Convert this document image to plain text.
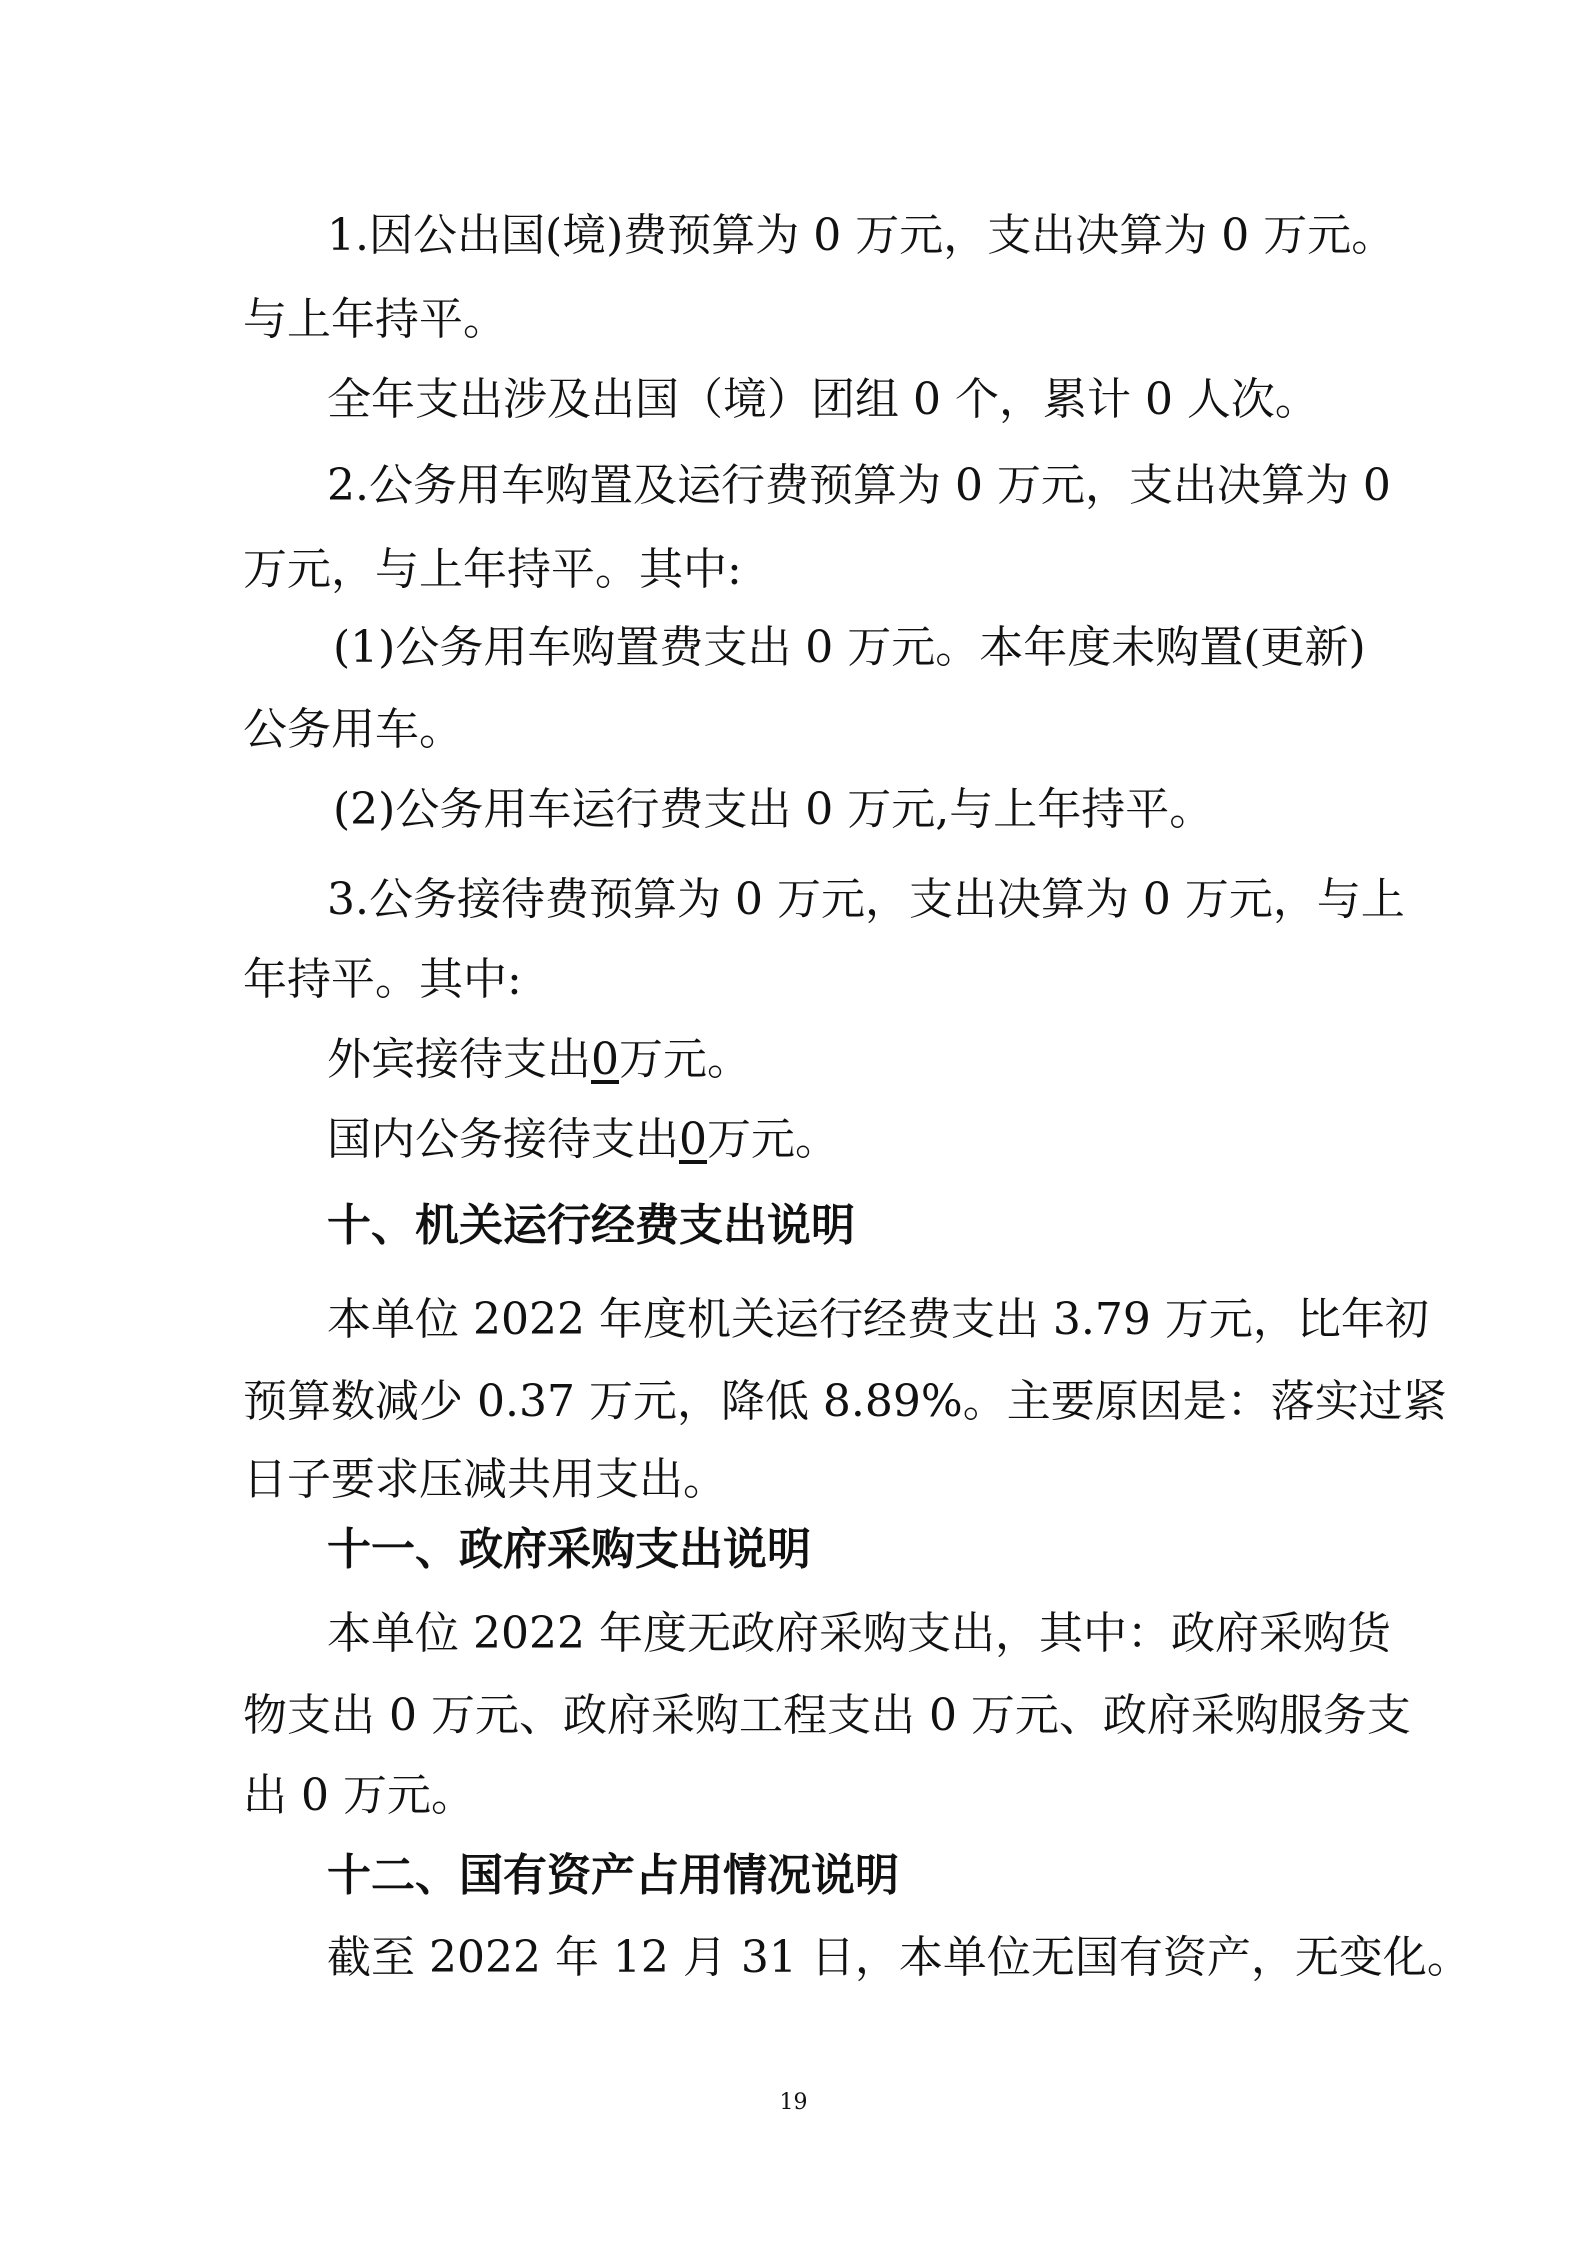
1.因公出国(境)费预算为 0 万元，支出决算为 0 万元。
与上年持平。
全年支出涉及出国（境）团组 0 个，累计 0 人次。
2.公务用车购置及运行费预算为 0 万元，支出决算为 0
万元，与上年持平。其中:
(1)公务用车购置费支出 0 万元。本年度未购置(更新)
公务用车。
(2)公务用车运行费支出 0 万元,与上年持平。
3.公务接待费预算为 0 万元，支出决算为 0 万元，与上
年持平。其中:
外宾接待支出0万元。
国内公务接待支出0万元。
十、机关运行经费支出说明
本单位 2022 年度机关运行经费支出 3.79 万元，比年初
预算数减少 0.37 万元，降低 8.89%。主要原因是：落实过紧
日子要求压减共用支出。
十一、政府采购支出说明
本单位 2022 年度无政府采购支出，其中：政府采购货
物支出 0 万元、政府采购工程支出 0 万元、政府采购服务支
出 0 万元。
十二、国有资产占用情况说明
截至 2022 年 12 月 31 日，本单位无国有资产，无变化。
19
